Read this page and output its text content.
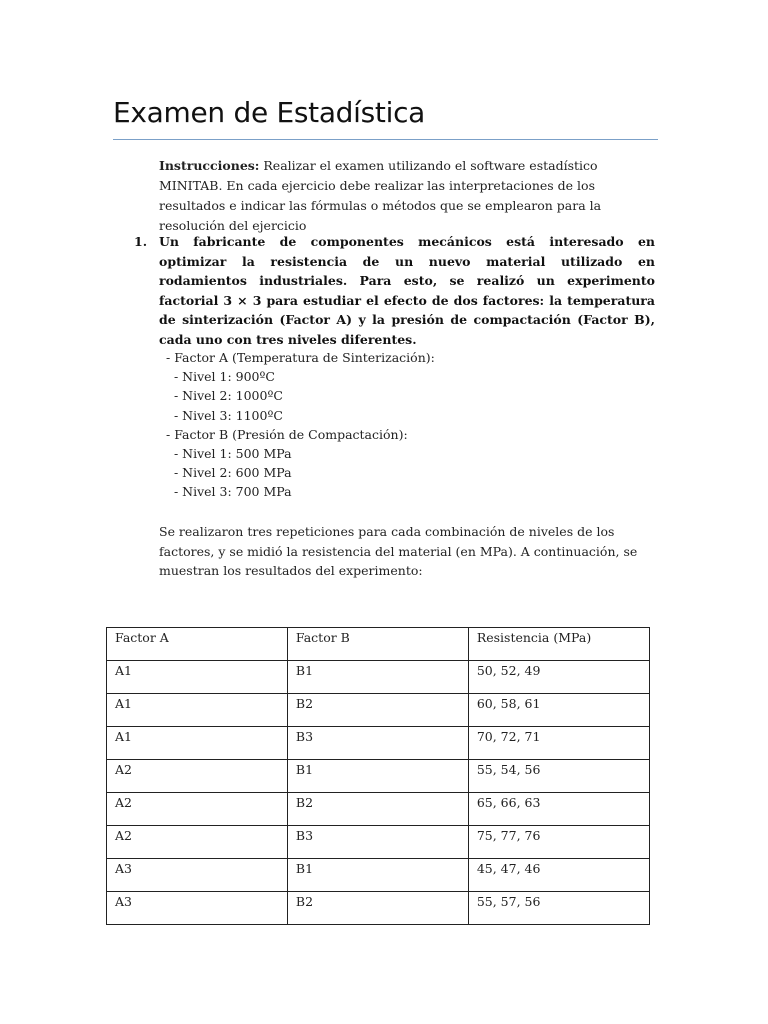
Examen de Estadística
Instrucciones: Realizar el examen utilizando el software estadístico MINITAB. En cada ejercicio debe realizar las interpretaciones de los resultados e indicar las fórmulas o métodos que se emplearon para la resolución del ejercicio
1. Un fabricante de componentes mecánicos está interesado en optimizar la resistencia de un nuevo material utilizado en rodamientos industriales. Para esto, se realizó un experimento factorial 3 × 3 para estudiar el efecto de dos factores: la temperatura de sinterización (Factor A) y la presión de compactación (Factor B), cada uno con tres niveles diferentes.
- Factor A (Temperatura de Sinterización):
- Nivel 1: 900ºC
- Nivel 2: 1000ºC
- Nivel 3: 1100ºC
- Factor B (Presión de Compactación):
- Nivel 1: 500 MPa
- Nivel 2: 600 MPa
- Nivel 3: 700 MPa
Se realizaron tres repeticiones para cada combinación de niveles de los factores, y se midió la resistencia del material (en MPa). A continuación, se muestran los resultados del experimento:
Factor A	Factor B	Resistencia (MPa)

A1	B1	50, 52, 49

A1	B2	60, 58, 61

A1	B3	70, 72, 71

A2	B1	55, 54, 56

A2	B2	65, 66, 63

A2	B3	75, 77, 76

A3	B1	45, 47, 46

A3	B2	55, 57, 56
